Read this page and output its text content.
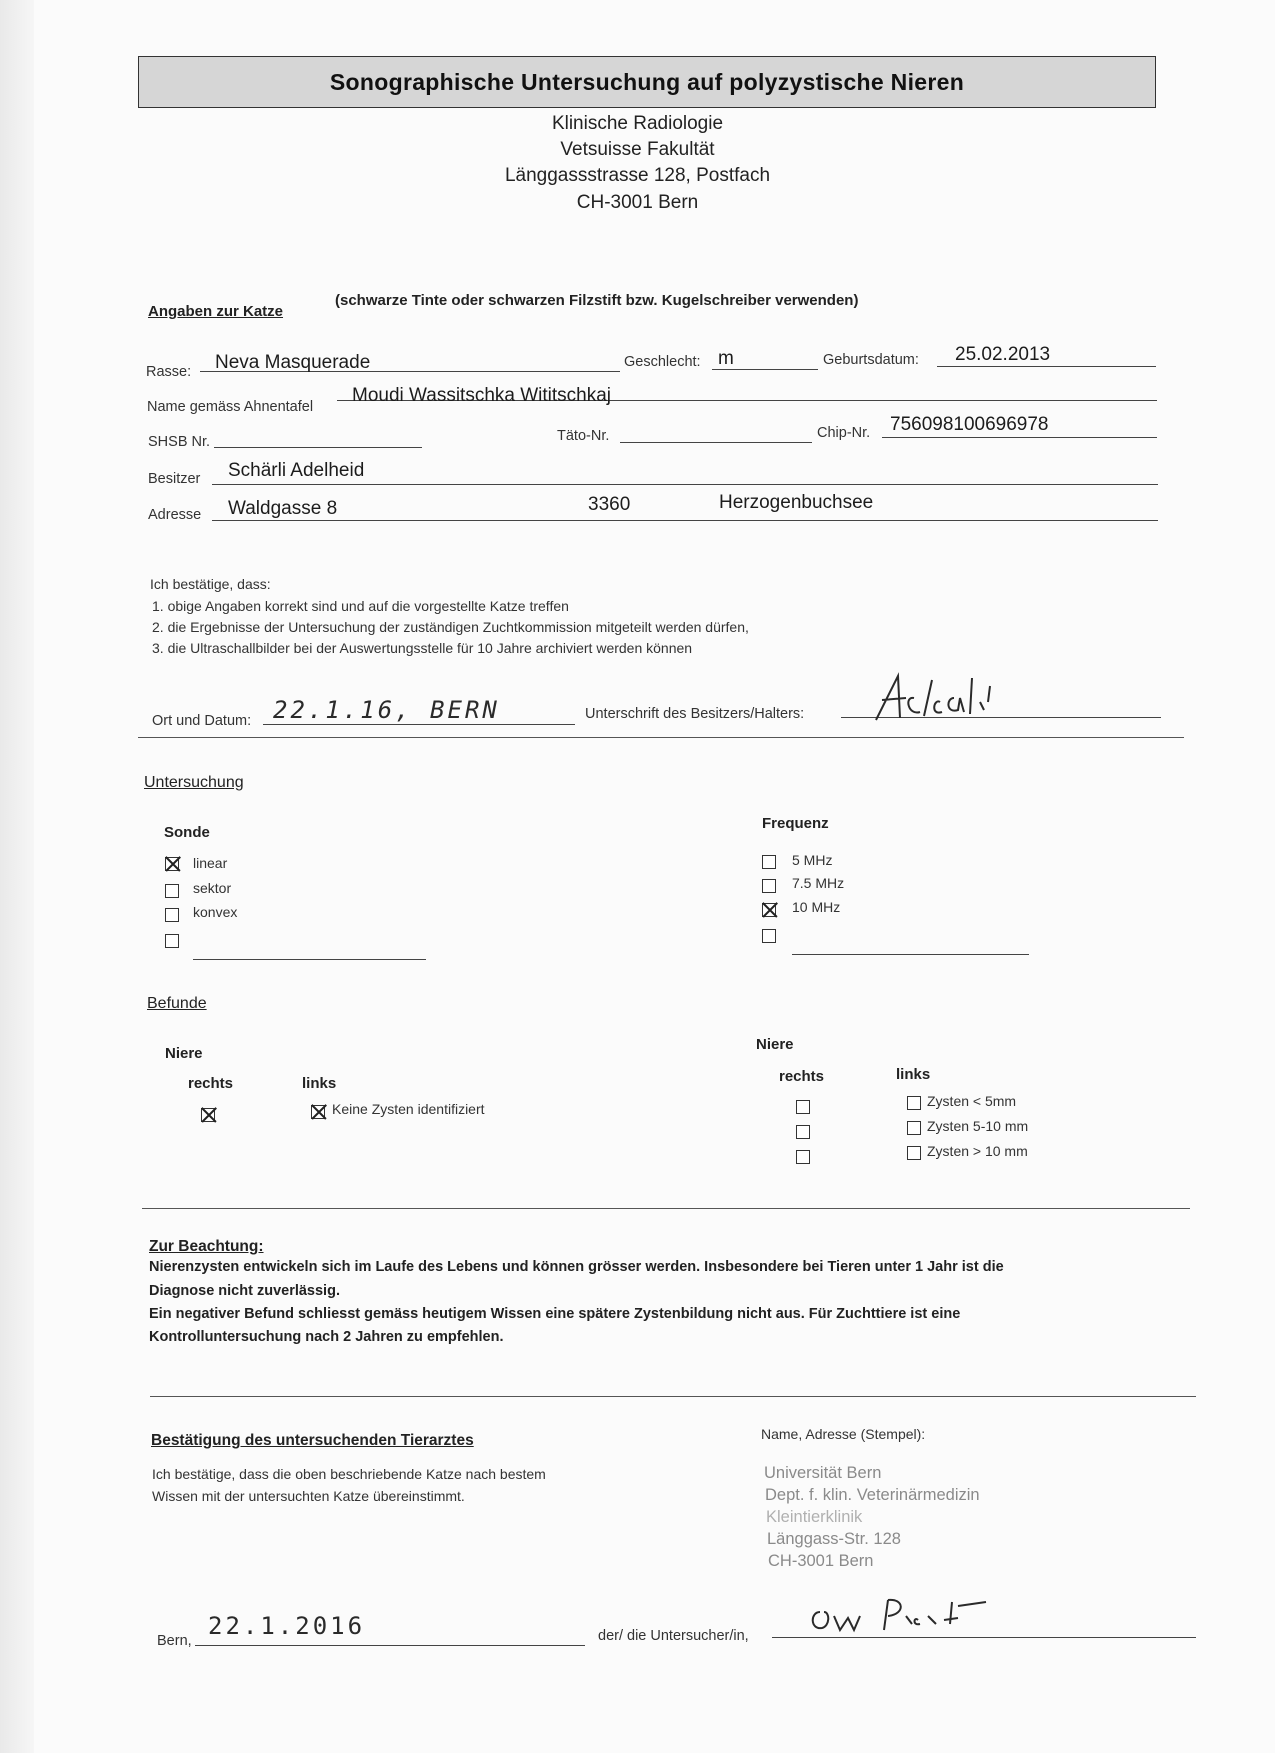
Sonographische Untersuchung auf polyzystische Nieren
Klinische Radiologie
Vetsuisse Fakultät
Länggassstrasse 128, Postfach
CH-3001 Bern
Angaben zur Katze
(schwarze Tinte oder schwarzen Filzstift bzw. Kugelschreiber verwenden)
Rasse: Neva Masquerade	Geschlecht: m	Geburtsdatum: 25.02.2013
Name gemäss Ahnentafel
Moudi Wassitschka Wititschkaj
SHSB Nr.	Täto-Nr.	Chip-Nr. 756098100696978
Besitzer Schärli Adelheid
Adresse Waldgasse 8	3360	Herzogenbuchsee
Ich bestätige, dass:
1. obige Angaben korrekt sind und auf die vorgestellte Katze treffen
2. die Ergebnisse der Untersuchung der zuständigen Zuchtkommission mitgeteilt werden dürfen,
3. die Ultraschallbilder bei der Auswertungsstelle für 10 Jahre archiviert werden können
Ort und Datum: 22.1.16, BERN	Unterschrift des Besitzers/Halters:
Untersuchung
Sonde
linear
sektor
konvex
Frequenz
5 MHz
7.5 MHz
10 MHz
Befunde
Niere
rechts	links
Keine Zysten identifiziert
Niere
rechts	links
Zysten < 5mm
Zysten 5-10 mm
Zysten > 10 mm
Zur Beachtung:
Nierenzysten entwickeln sich im Laufe des Lebens und können grösser werden. Insbesondere bei Tieren unter 1 Jahr ist die
Diagnose nicht zuverlässig.
Ein negativer Befund schliesst gemäss heutigem Wissen eine spätere Zystenbildung nicht aus. Für Zuchttiere ist eine
Kontrolluntersuchung nach 2 Jahren zu empfehlen.
Bestätigung des untersuchenden Tierarztes
Ich bestätige, dass die oben beschriebende Katze nach bestem
Wissen mit der untersuchten Katze übereinstimmt.
Name, Adresse (Stempel):
Universität Bern
Dept. f. klin. Veterinärmedizin
Kleintierklinik
Länggass-Str. 128
CH-3001 Bern
Bern,
22.1.2016	der/ die Untersucher/in,
